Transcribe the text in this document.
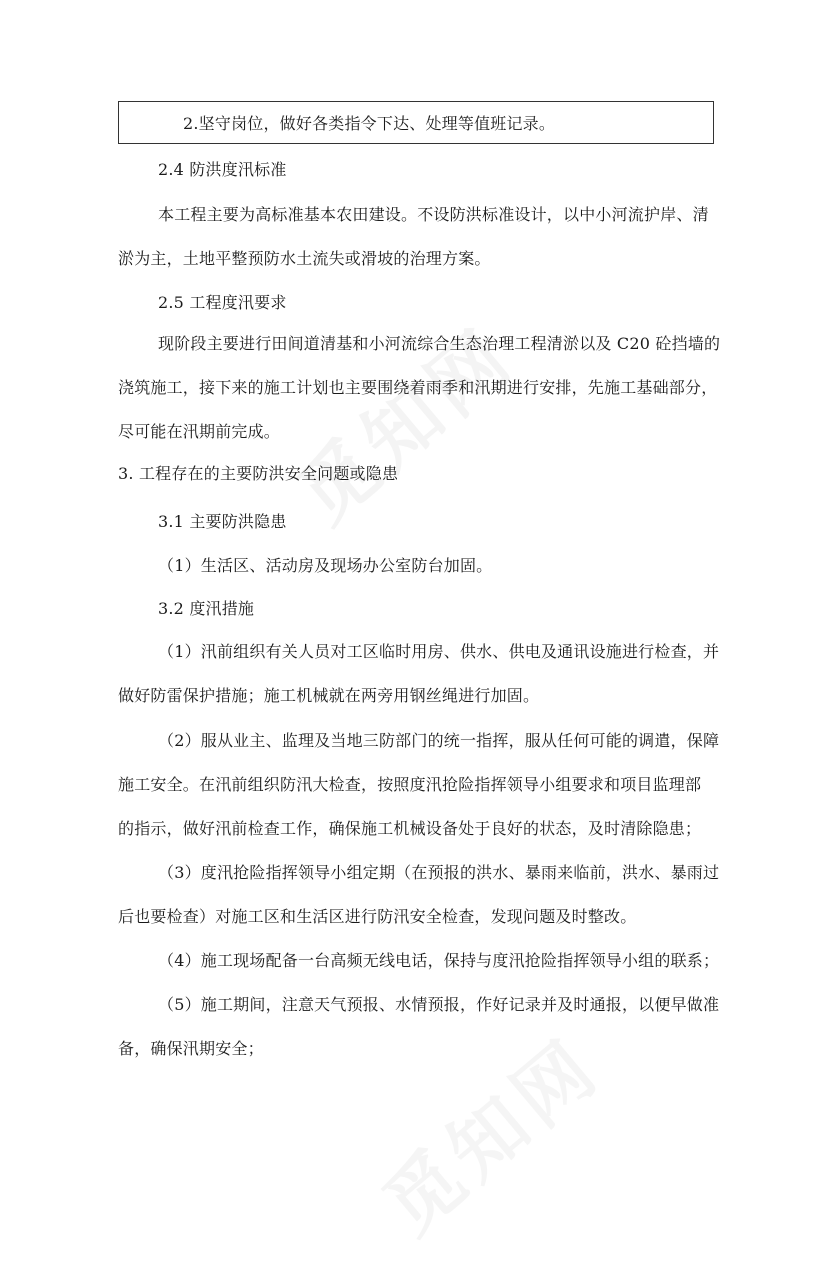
2.坚守岗位，做好各类指令下达、处理等值班记录。
2.4 防洪度汛标准
本工程主要为高标准基本农田建设。不设防洪标准设计，以中小河流护岸、清
淤为主，土地平整预防水土流失或滑坡的治理方案。
2.5 工程度汛要求
现阶段主要进行田间道清基和小河流综合生态治理工程清淤以及 C20 砼挡墙的
浇筑施工，接下来的施工计划也主要围绕着雨季和汛期进行安排，先施工基础部分，
尽可能在汛期前完成。
3. 工程存在的主要防洪安全问题或隐患
3.1 主要防洪隐患
（1）生活区、活动房及现场办公室防台加固。
3.2 度汛措施
（1）汛前组织有关人员对工区临时用房、供水、供电及通讯设施进行检查，并
做好防雷保护措施；施工机械就在两旁用钢丝绳进行加固。
（2）服从业主、监理及当地三防部门的统一指挥，服从任何可能的调遣，保障
施工安全。在汛前组织防汛大检查，按照度汛抢险指挥领导小组要求和项目监理部
的指示，做好汛前检查工作，确保施工机械设备处于良好的状态，及时清除隐患；
（3）度汛抢险指挥领导小组定期（在预报的洪水、暴雨来临前，洪水、暴雨过
后也要检查）对施工区和生活区进行防汛安全检查，发现问题及时整改。
（4）施工现场配备一台高频无线电话，保持与度汛抢险指挥领导小组的联系；
（5）施工期间，注意天气预报、水情预报，作好记录并及时通报，以便早做准
备，确保汛期安全；
